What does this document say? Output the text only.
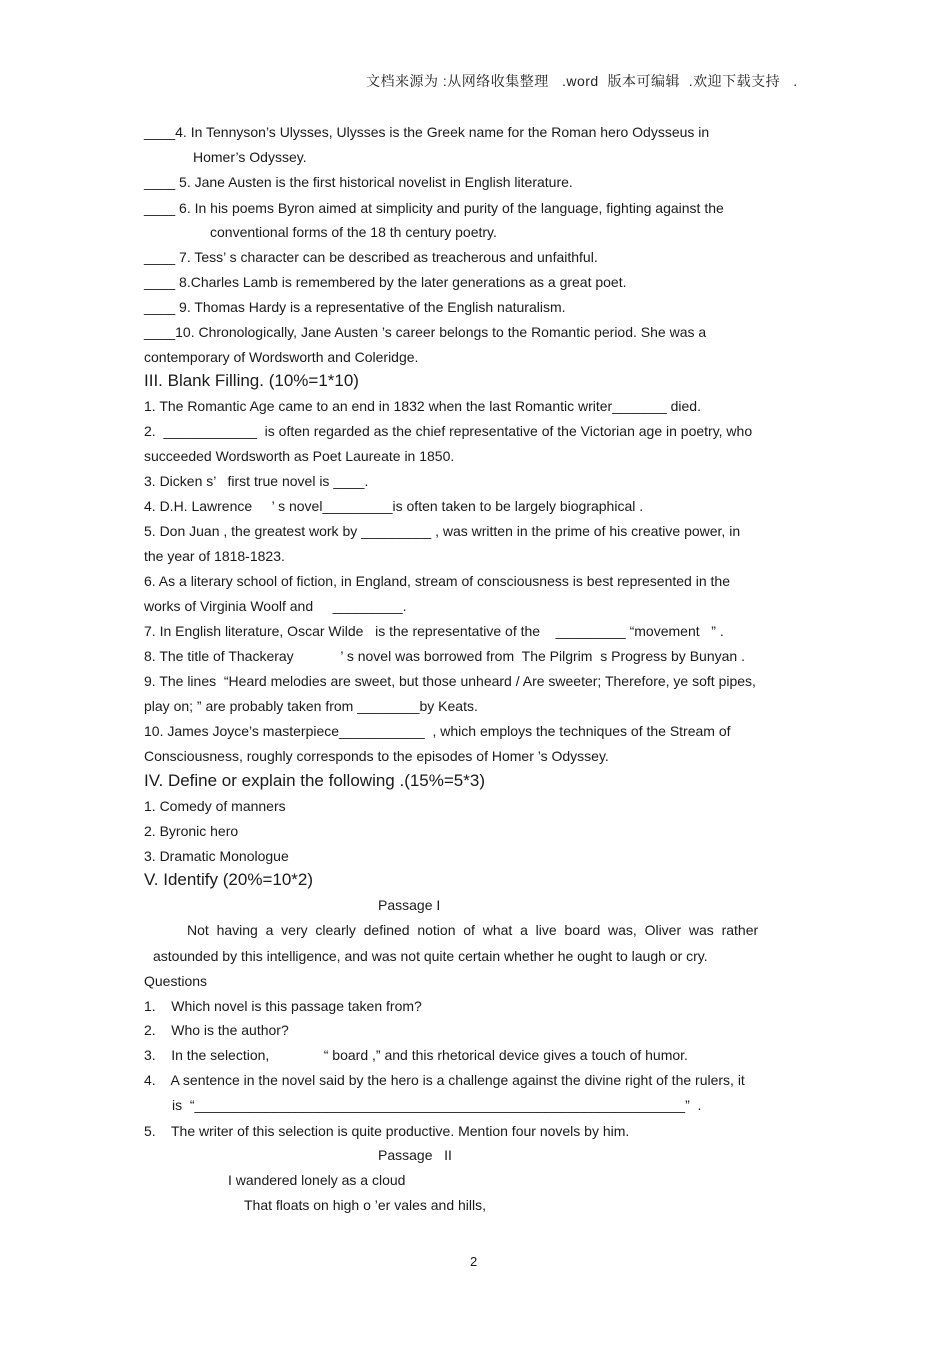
文档来源为 :从网络收集整理   .word  版本可编辑  .欢迎下载支持   .
____4. In Tennyson’s Ulysses, Ulysses is the Greek name for the Roman hero Odysseus in
Homer’s Odyssey.
____ 5. Jane Austen is the first historical novelist in English literature.
____ 6. In his poems Byron aimed at simplicity and purity of the language, fighting against the
conventional forms of the 18 th century poetry.
____ 7. Tess’ s character can be described as treacherous and unfaithful.
____ 8.Charles Lamb is remembered by the later generations as a great poet.
____ 9. Thomas Hardy is a representative of the English naturalism.
____10. Chronologically, Jane Austen ’s career belongs to the Romantic period. She was a
contemporary of Wordsworth and Coleridge.
III. Blank Filling. (10%=1*10)
1. The Romantic Age came to an end in 1832 when the last Romantic writer_______ died.
2.  ____________  is often regarded as the chief representative of the Victorian age in poetry, who
succeeded Wordsworth as Poet Laureate in 1850.
3. Dicken s’   first true novel is ____.
4. D.H. Lawrence     ’ s novel_________is often taken to be largely biographical .
5. Don Juan , the greatest work by _________ , was written in the prime of his creative power, in
the year of 1818-1823.
6. As a literary school of fiction, in England, stream of consciousness is best represented in the
works of Virginia Woolf and     _________.
7. In English literature, Oscar Wilde   is the representative of the    _________ “movement   ” .
8. The title of Thackeray            ’ s novel was borrowed from  The Pilgrim  s Progress by Bunyan .
9. The lines  “Heard melodies are sweet, but those unheard / Are sweeter; Therefore, ye soft pipes,
play on; ” are probably taken from ________by Keats.
10. James Joyce’s masterpiece___________  , which employs the techniques of the Stream of
Consciousness, roughly corresponds to the episodes of Homer ’s Odyssey.
IV. Define or explain the following .(15%=5*3)
1. Comedy of manners
2. Byronic hero
3. Dramatic Monologue
V. Identify (20%=10*2)
Passage I
Not  having  a  very  clearly  defined  notion  of  what  a  live  board  was,  Oliver  was  rather
astounded by this intelligence, and was not quite certain whether he ought to laugh or cry.
Questions
1.    Which novel is this passage taken from?
2.    Who is the author?
3.    In the selection,              “ board ,” and this rhetorical device gives a touch of humor.
4.    A sentence in the novel said by the hero is a challenge against the divine right of the rulers, it
is  “_______________________________________________________________”  .
5.    The writer of this selection is quite productive. Mention four novels by him.
Passage   II
I wandered lonely as a cloud
That floats on high o ’er vales and hills,
2
